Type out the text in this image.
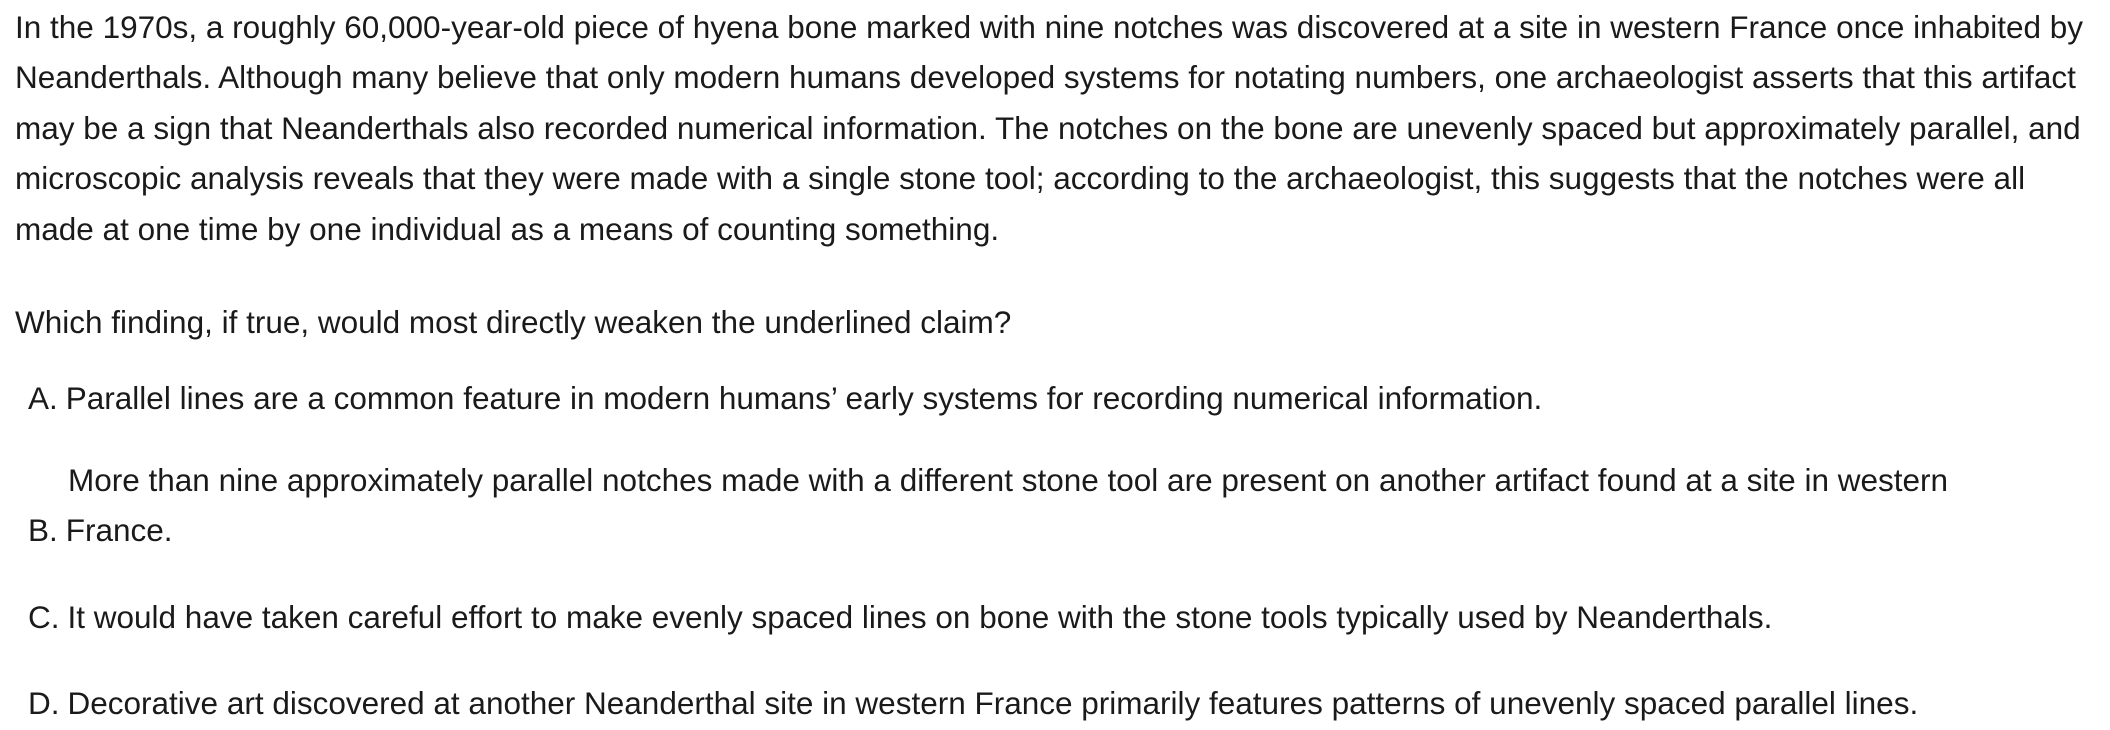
In the 1970s, a roughly 60,000-year-old piece of hyena bone marked with nine notches was discovered at a site in western France once inhabited by Neanderthals. Although many believe that only modern humans developed systems for notating numbers, one archaeologist asserts that this artifact may be a sign that Neanderthals also recorded numerical information. The notches on the bone are unevenly spaced but approximately parallel, and microscopic analysis reveals that they were made with a single stone tool; according to the archaeologist, this suggests that the notches were all made at one time by one individual as a means of counting something.

Which finding, if true, would most directly weaken the underlined claim?

A. Parallel lines are a common feature in modern humans’ early systems for recording numerical information.
More than nine approximately parallel notches made with a different stone tool are present on another artifact found at a site in western
B. France.
C. It would have taken careful effort to make evenly spaced lines on bone with the stone tools typically used by Neanderthals.
D. Decorative art discovered at another Neanderthal site in western France primarily features patterns of unevenly spaced parallel lines.
